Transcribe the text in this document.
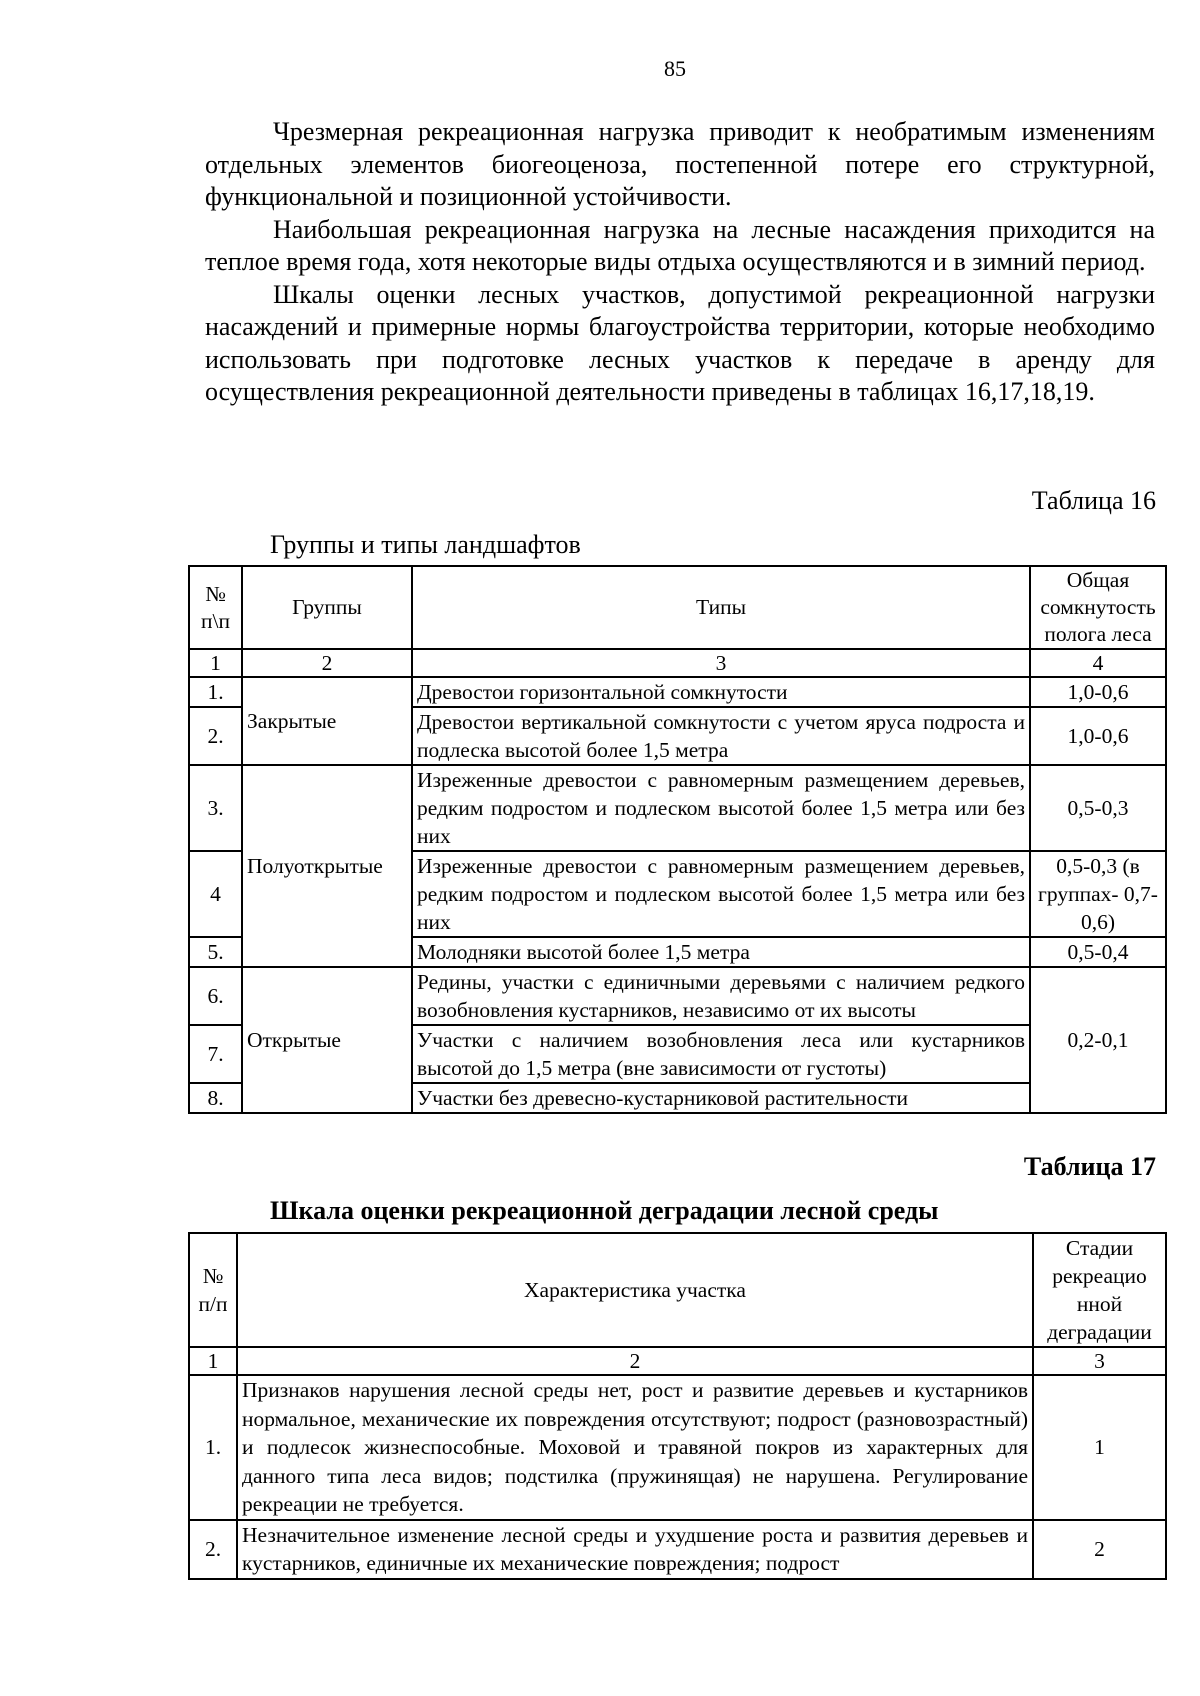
85

Чрезмерная рекреационная нагрузка приводит к необратимым изменениям отдельных элементов биогеоценоза, постепенной потере его структурной, функциональной и позиционной устойчивости.

Наибольшая рекреационная нагрузка на лесные насаждения приходится на теплое время года, хотя некоторые виды отдыха осуществляются и в зимний период.

Шкалы оценки лесных участков, допустимой рекреационной нагрузки насаждений и примерные нормы благоустройства территории, которые необходимо использовать при подготовке лесных участков к передаче в аренду для осуществления рекреационной деятельности приведены в таблицах 16,17,18,19.

Таблица 16
Группы и типы ландшафтов
№ п\п	Группы	Типы	Общая сомкнутость полога леса
1	2	3	4
1.	Закрытые	Древостои горизонтальной сомкнутости	1,0-0,6
2.		Древостои вертикальной сомкнутости с учетом яруса подроста и подлеска высотой более 1,5 метра	1,0-0,6
3.	Полуоткрытые	Изреженные древостои с равномерным размещением деревьев, редким подростом и подлеском высотой более 1,5 метра или без них	0,5-0,3
4		Изреженные древостои с равномерным размещением деревьев, редким подростом и подлеском высотой более 1,5 метра или без них	0,5-0,3 (в группах- 0,7-0,6)
5.		Молодняки высотой более 1,5 метра	0,5-0,4
6.	Открытые	Редины, участки с единичными деревьями с наличием редкого возобновления кустарников, независимо от их высоты	0,2-0,1
7.		Участки с наличием возобновления леса или кустарников высотой до 1,5 метра (вне зависимости от густоты)	
8.		Участки без древесно-кустарниковой растительности	
Таблица 17
Шкала оценки рекреационной деградации лесной среды
№ п/п	Характеристика участка	Стадии рекреацио нной деградации
1	2	3
1.	Признаков нарушения лесной среды нет, рост и развитие деревьев и кустарников нормальное, механические их повреждения отсутствуют; подрост (разновозрастный) и подлесок жизнеспособные. Моховой и травяной покров из характерных для данного типа леса видов; подстилка (пружинящая) не нарушена. Регулирование рекреации не требуется.	1
2.	Незначительное изменение лесной среды и ухудшение роста и развития деревьев и кустарников, единичные их механические повреждения; подрост	2
